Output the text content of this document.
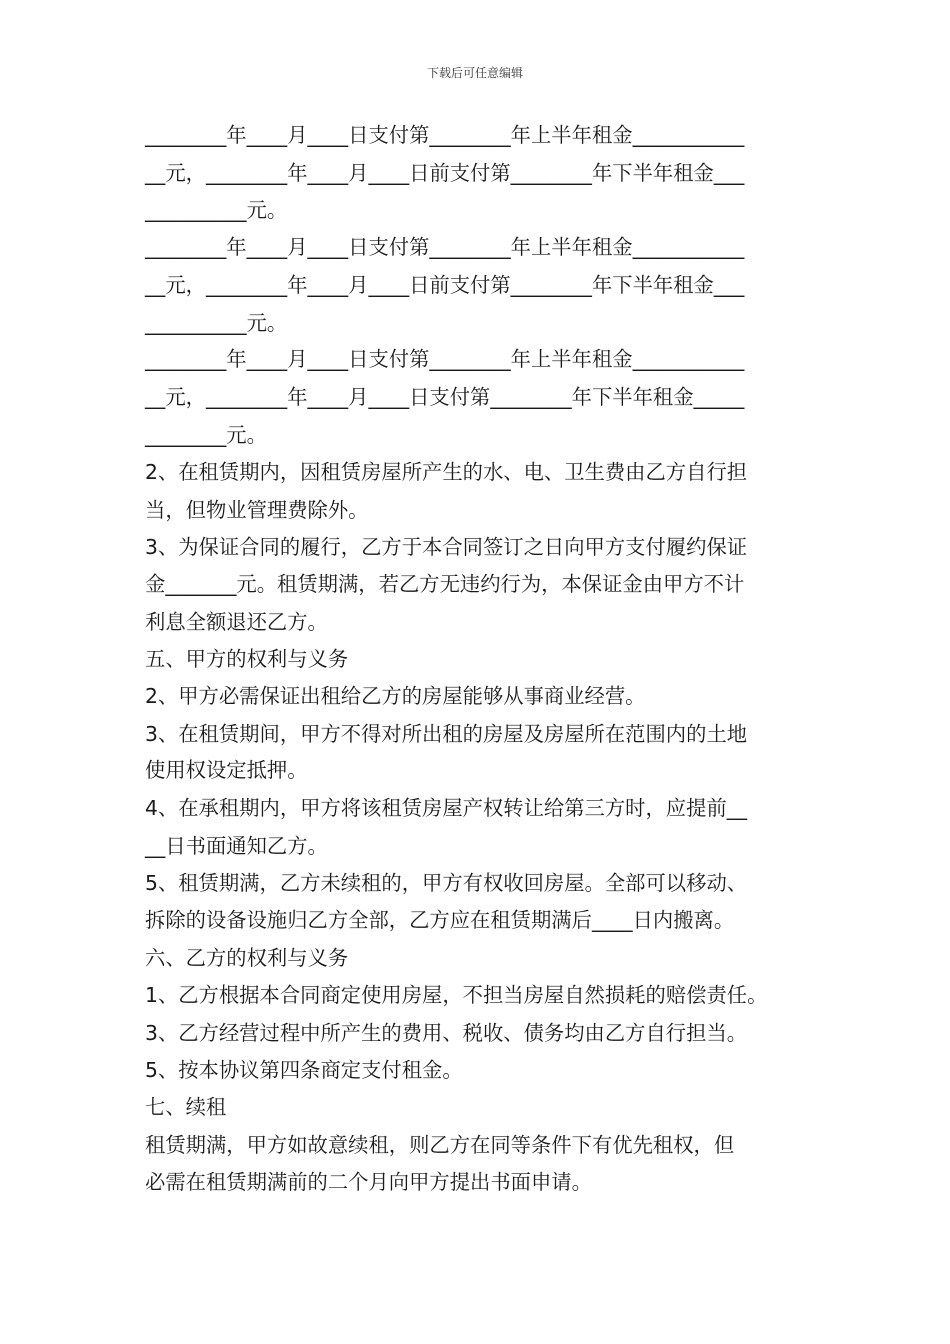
下载后可任意编辑
________年____月____日支付第________年上半年租金___________
__元，________年____月____日前支付第________年下半年租金___
__________元。
________年____月____日支付第________年上半年租金___________
__元，________年____月____日前支付第________年下半年租金___
__________元。
________年____月____日支付第________年上半年租金___________
__元，________年____月____日支付第________年下半年租金_____
________元。
2、在租赁期内，因租赁房屋所产生的水、电、卫生费由乙方自行担
当，但物业管理费除外。
3、为保证合同的履行，乙方于本合同签订之日向甲方支付履约保证
金_______元。租赁期满，若乙方无违约行为，本保证金由甲方不计
利息全额退还乙方。
五、甲方的权利与义务
2、甲方必需保证出租给乙方的房屋能够从事商业经营。
3、在租赁期间，甲方不得对所出租的房屋及房屋所在范围内的土地
使用权设定抵押。
4、在承租期内，甲方将该租赁房屋产权转让给第三方时，应提前__
__日书面通知乙方。
5、租赁期满，乙方未续租的，甲方有权收回房屋。全部可以移动、
拆除的设备设施归乙方全部，乙方应在租赁期满后____日内搬离。
六、乙方的权利与义务
1、乙方根据本合同商定使用房屋，不担当房屋自然损耗的赔偿责任。
3、乙方经营过程中所产生的费用、税收、债务均由乙方自行担当。
5、按本协议第四条商定支付租金。
七、续租
租赁期满，甲方如故意续租，则乙方在同等条件下有优先租权，但
必需在租赁期满前的二个月向甲方提出书面申请。
